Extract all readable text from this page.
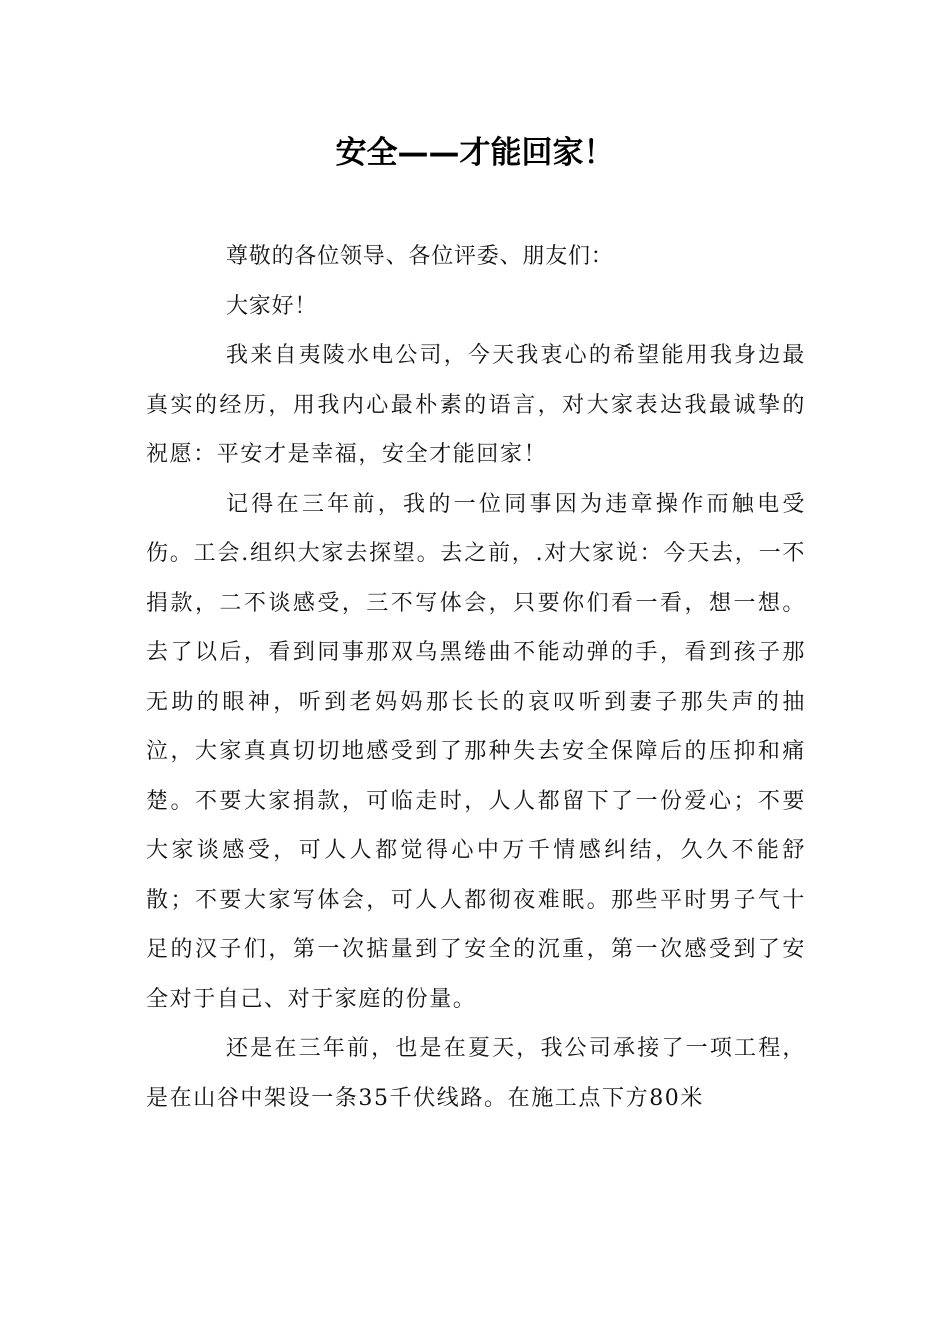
安全——才能回家！

尊敬的各位领导、各位评委、朋友们：

大家好！

我来自夷陵水电公司，今天我衷心的希望能用我身边最真实的经历，用我内心最朴素的语言，对大家表达我最诚挚的祝愿：平安才是幸福，安全才能回家！

记得在三年前，我的一位同事因为违章操作而触电受伤。工会.组织大家去探望。去之前，.对大家说：今天去，一不捐款，二不谈感受，三不写体会，只要你们看一看，想一想。去了以后，看到同事那双乌黑绻曲不能动弹的手，看到孩子那无助的眼神，听到老妈妈那长长的哀叹听到妻子那失声的抽泣，大家真真切切地感受到了那种失去安全保障后的压抑和痛楚。不要大家捐款，可临走时，人人都留下了一份爱心；不要大家谈感受，可人人都觉得心中万千情感纠结，久久不能舒散；不要大家写体会，可人人都彻夜难眠。那些平时男子气十足的汉子们，第一次掂量到了安全的沉重，第一次感受到了安全对于自己、对于家庭的份量。

还是在三年前，也是在夏天，我公司承接了一项工程，是在山谷中架设一条35千伏线路。在施工点下方80米
